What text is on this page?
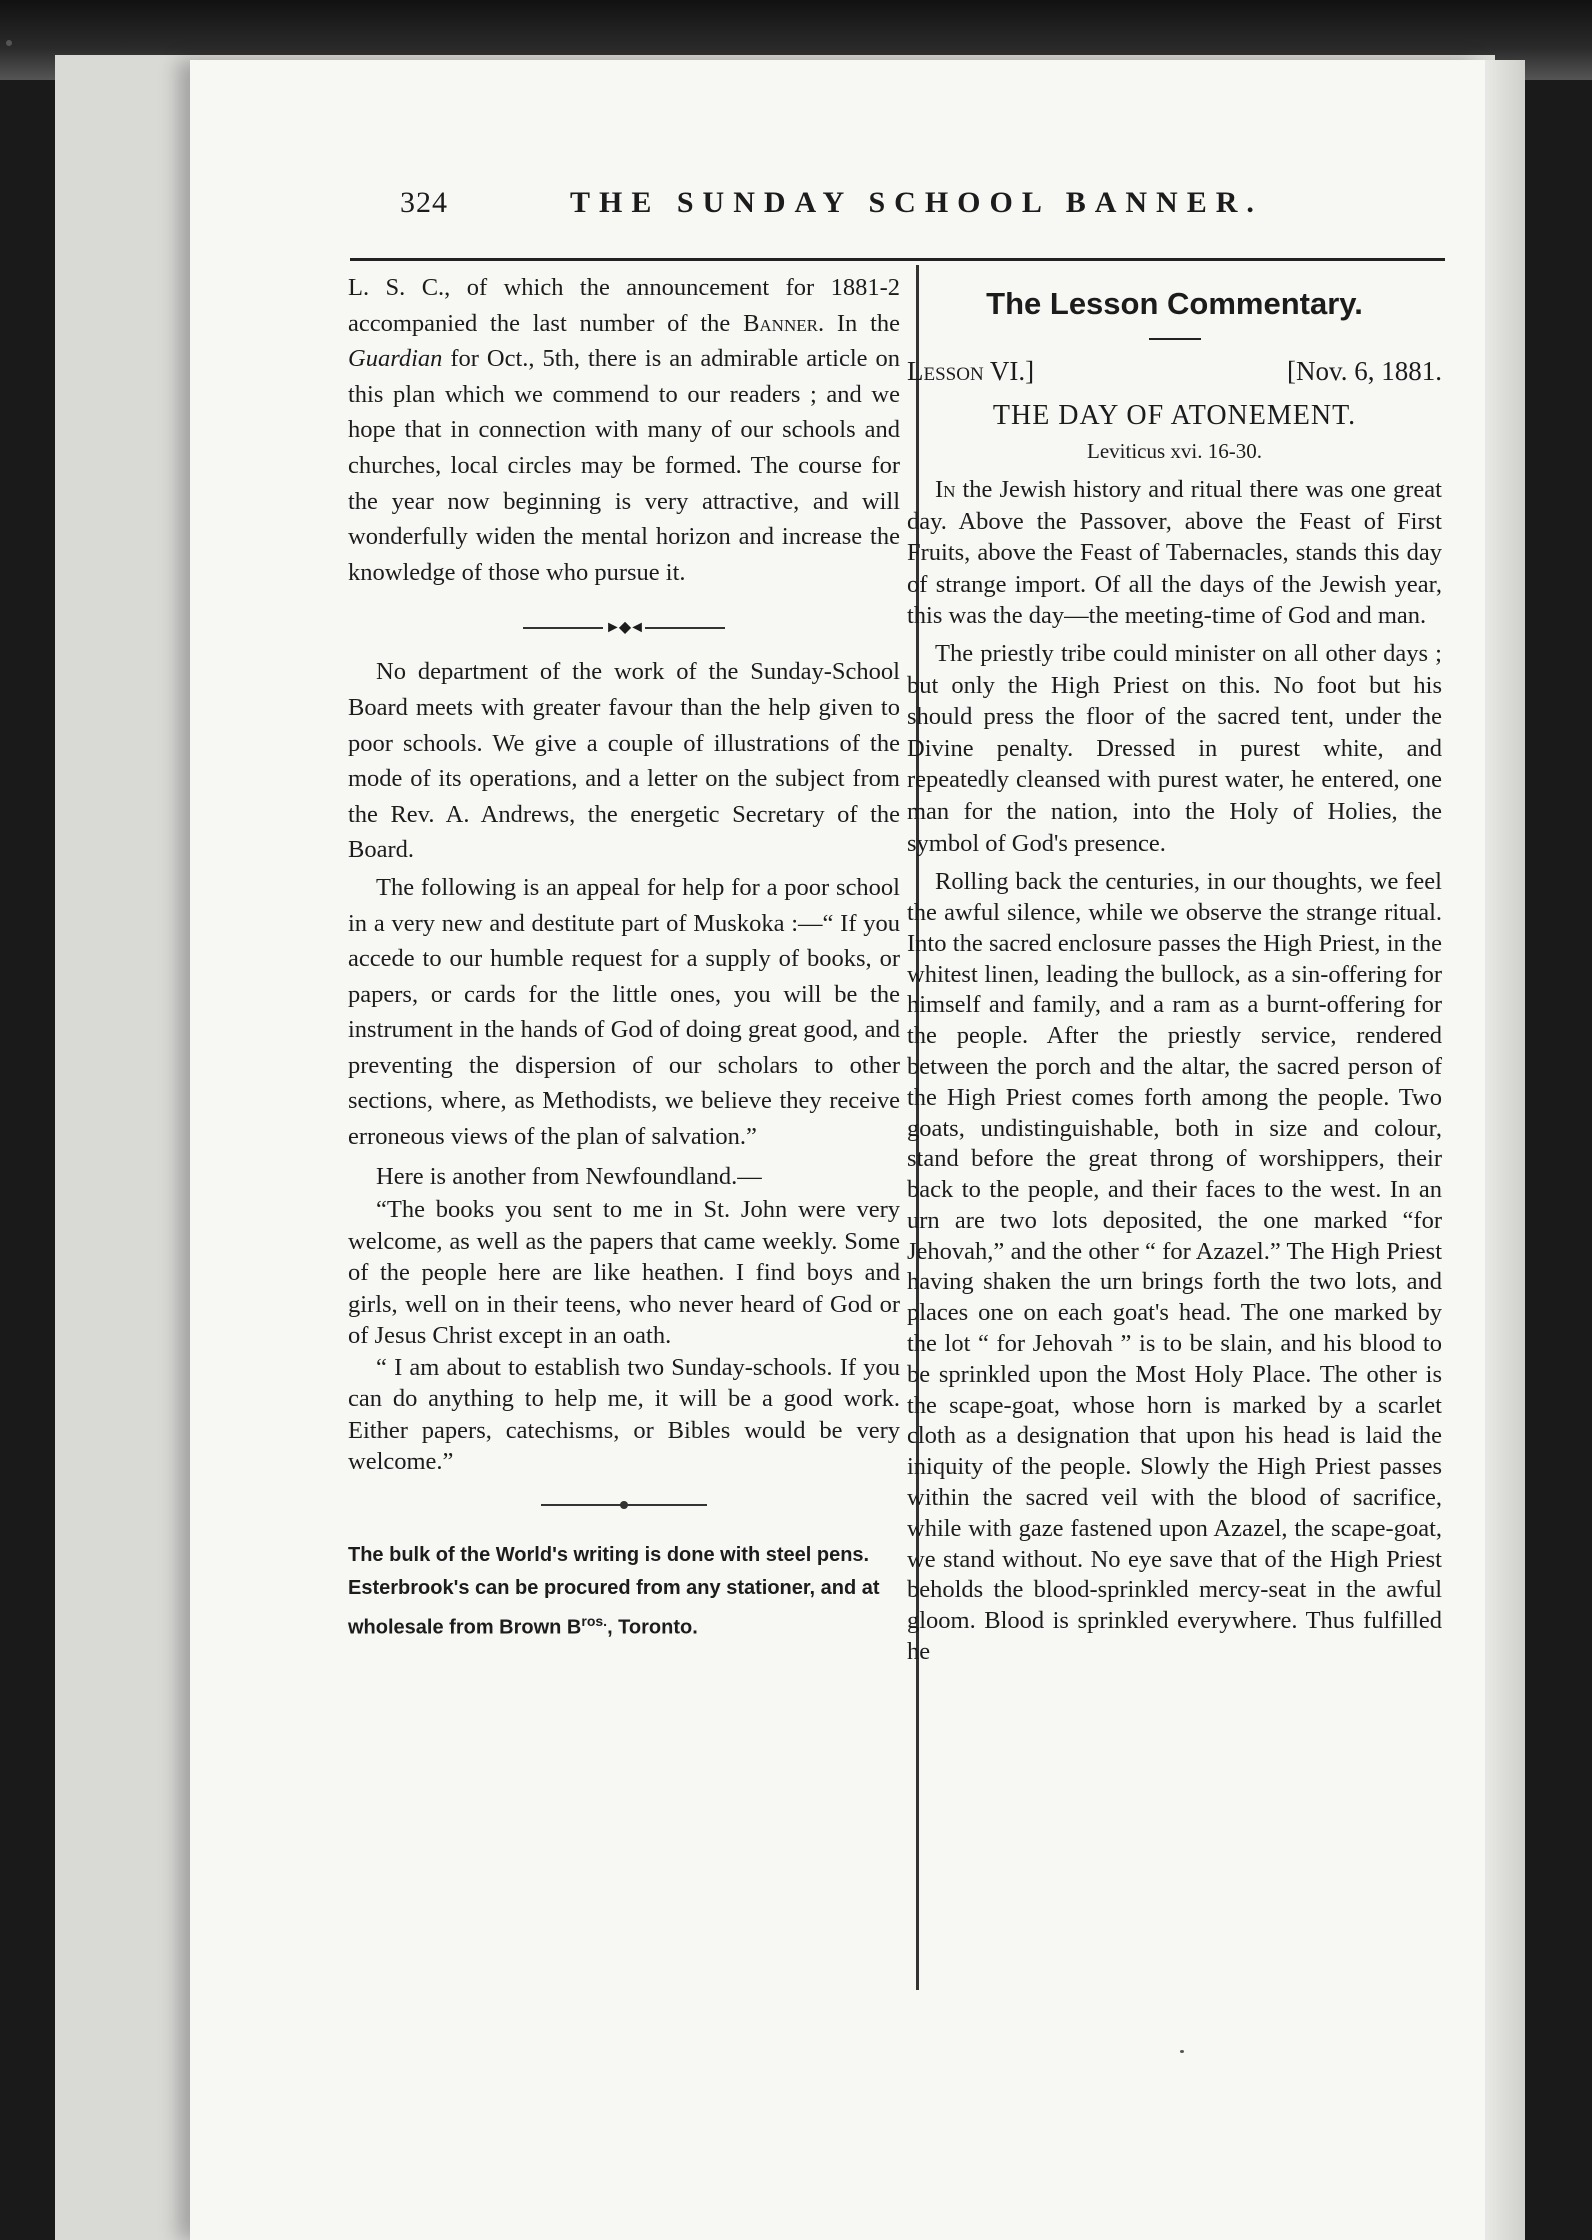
324	THE SUNDAY SCHOOL BANNER.

L. S. C., of which the announcement for 1881-2 accompanied the last number of the Banner. In the Guardian for Oct., 5th, there is an admirable article on this plan which we commend to our readers ; and we hope that in connection with many of our schools and churches, local circles may be formed. The course for the year now beginning is very attractive, and will wonderfully widen the mental horizon and increase the knowledge of those who pursue it.

►◆◄

No department of the work of the Sunday-School Board meets with greater favour than the help given to poor schools. We give a couple of illustrations of the mode of its operations, and a letter on the subject from the Rev. A. Andrews, the energetic Secretary of the Board.

The following is an appeal for help for a poor school in a very new and destitute part of Muskoka :—“ If you accede to our humble request for a supply of books, or papers, or cards for the little ones, you will be the instrument in the hands of God of doing great good, and preventing the dispersion of our scholars to other sections, where, as Methodists, we believe they receive erroneous views of the plan of salvation.”

Here is another from Newfoundland.—

“The books you sent to me in St. John were very welcome, as well as the papers that came weekly. Some of the people here are like heathen. I find boys and girls, well on in their teens, who never heard of God or of Jesus Christ except in an oath.

“ I am about to establish two Sunday-schools. If you can do anything to help me, it will be a good work. Either papers, catechisms, or Bibles would be very welcome.”

The bulk of the World's writing is done with steel pens. Esterbrook's can be procured from any stationer, and at wholesale from Brown $B^{ros.}$, Toronto.

The Lesson Commentary.
Lesson VI.]	[Nov. 6, 1881.
THE DAY OF ATONEMENT.
Leviticus xvi. 16-30.

In the Jewish history and ritual there was one great day. Above the Passover, above the Feast of First Fruits, above the Feast of Tabernacles, stands this day of strange import. Of all the days of the Jewish year, this was the day—the meeting-time of God and man.

The priestly tribe could minister on all other days ; but only the High Priest on this. No foot but his should press the floor of the sacred tent, under the Divine penalty. Dressed in purest white, and repeatedly cleansed with purest water, he entered, one man for the nation, into the Holy of Holies, the symbol of God's presence.

Rolling back the centuries, in our thoughts, we feel the awful silence, while we observe the strange ritual. Into the sacred enclosure passes the High Priest, in the whitest linen, leading the bullock, as a sin-offering for himself and family, and a ram as a burnt-offering for the people. After the priestly service, rendered between the porch and the altar, the sacred person of the High Priest comes forth among the people. Two goats, undistinguishable, both in size and colour, stand before the great throng of worshippers, their back to the people, and their faces to the west. In an urn are two lots deposited, the one marked “for Jehovah,” and the other “ for Azazel.” The High Priest having shaken the urn brings forth the two lots, and places one on each goat's head. The one marked by the lot “ for Jehovah ” is to be slain, and his blood to be sprinkled upon the Most Holy Place. The other is the scape-goat, whose horn is marked by a scarlet cloth as a designation that upon his head is laid the iniquity of the people. Slowly the High Priest passes within the sacred veil with the blood of sacrifice, while with gaze fastened upon Azazel, the scape-goat, we stand without. No eye save that of the High Priest beholds the blood-sprinkled mercy-seat in the awful gloom. Blood is sprinkled everywhere. Thus fulfilled he
